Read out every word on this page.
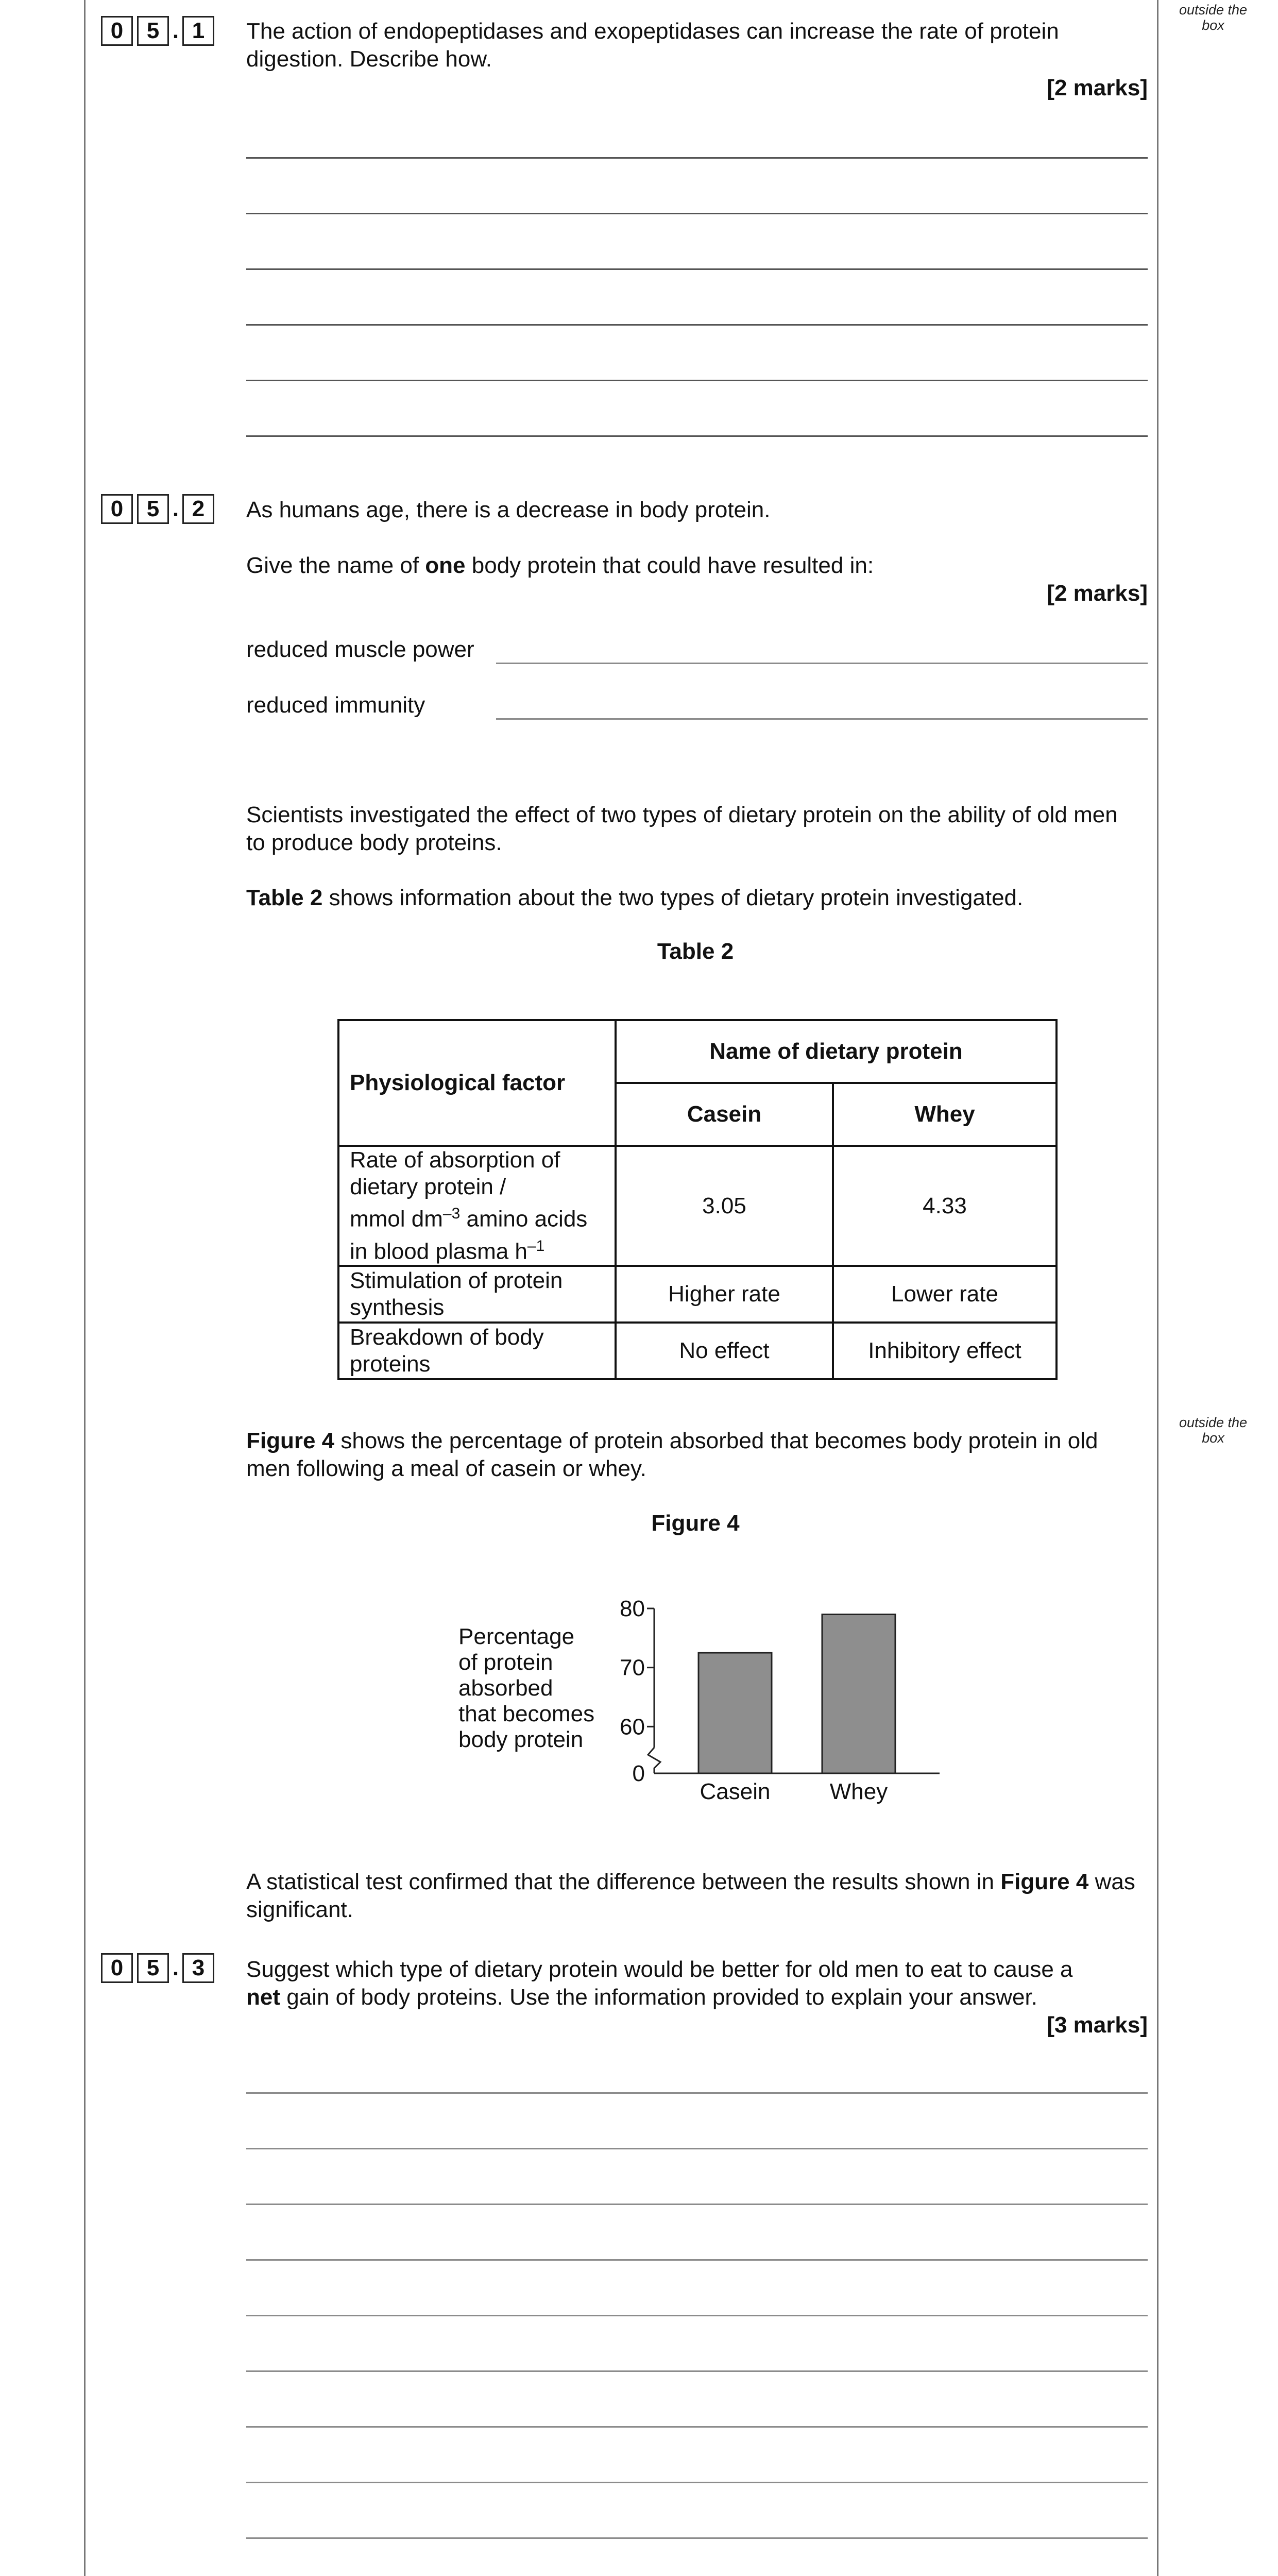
outside the box
outside the box
0	5 . 1	The action of endopeptidases and exopeptidases can increase the rate of protein digestion. Describe how.
[2 marks]
0	5 . 2	As humans age, there is a decrease in body protein.
Give the name of one body protein that could have resulted in:
[2 marks]
reduced muscle power
reduced immunity
Scientists investigated the effect of two types of dietary protein on the ability of old men to produce body proteins.
Table 2 shows information about the two types of dietary protein investigated.
Table 2
Physiological factor	Name of dietary protein	
	Casein	Whey

Rate of absorption of
dietary protein /
mmol $dm^{-3}$ amino acids
in blood plasma $h^{-1}$	3.05	4.33
Stimulation of protein synthesis	Higher rate	Lower rate
Breakdown of body proteins	No effect	Inhibitory effect
Figure 4 shows the percentage of protein absorbed that becomes body protein in old men following a meal of casein or whey.
Figure 4
Percentage
of protein
absorbed
that becomes
body protein
Casein	Whey
0
60
70
80
A statistical test confirmed that the difference between the results shown in Figure 4 was significant.
0	5 . 3	Suggest which type of dietary protein would be better for old men to eat to cause a
net gain of body proteins. Use the information provided to explain your answer.
[3 marks]
